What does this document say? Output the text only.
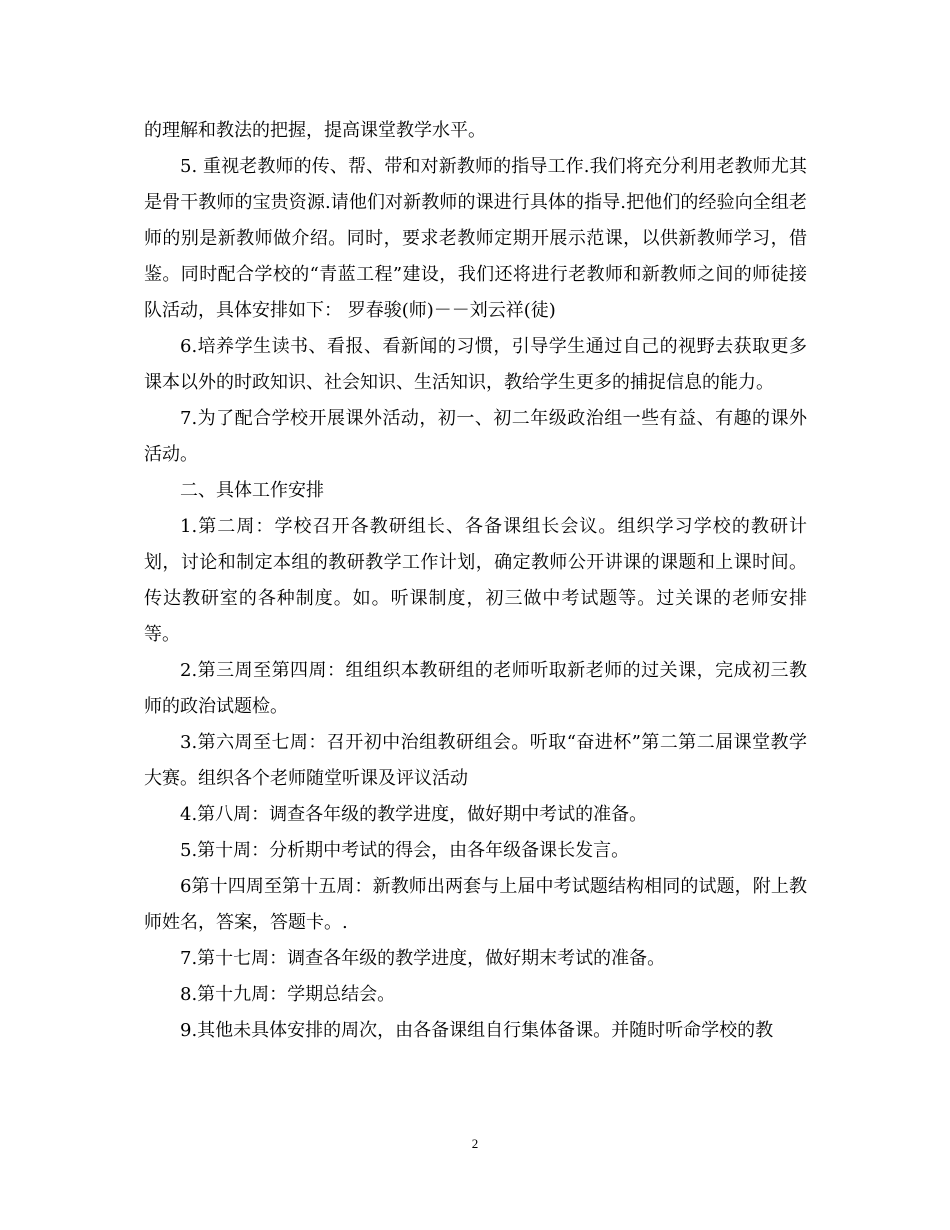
的理解和教法的把握，提高课堂教学水平。

5. 重视老教师的传、帮、带和对新教师的指导工作.我们将充分利用老教师尤其是骨干教师的宝贵资源.请他们对新教师的课进行具体的指导.把他们的经验向全组老师的别是新教师做介绍。同时，要求老教师定期开展示范课，以供新教师学习，借鉴。同时配合学校的“青蓝工程”建设，我们还将进行老教师和新教师之间的师徒接队活动，具体安排如下： 罗春骏(师)－－刘云祥(徒)

6.培养学生读书、看报、看新闻的习惯，引导学生通过自己的视野去获取更多课本以外的时政知识、社会知识、生活知识，教给学生更多的捕捉信息的能力。

7.为了配合学校开展课外活动，初一、初二年级政治组一些有益、有趣的课外活动。

二、具体工作安排

1.第二周：学校召开各教研组长、各备课组长会议。组织学习学校的教研计划，讨论和制定本组的教研教学工作计划，确定教师公开讲课的课题和上课时间。传达教研室的各种制度。如。听课制度，初三做中考试题等。过关课的老师安排等。

2.第三周至第四周：组组织本教研组的老师听取新老师的过关课，完成初三教师的政治试题检。

3.第六周至七周：召开初中治组教研组会。听取“奋进杯”第二第二届课堂教学大赛。组织各个老师随堂听课及评议活动

4.第八周：调查各年级的教学进度，做好期中考试的准备。

5.第十周：分析期中考试的得会，由各年级备课长发言。

6第十四周至第十五周：新教师出两套与上届中考试题结构相同的试题，附上教师姓名，答案，答题卡。.

7.第十七周：调查各年级的教学进度，做好期末考试的准备。

8.第十九周：学期总结会。

9.其他未具体安排的周次，由各备课组自行集体备课。并随时听命学校的教

2
